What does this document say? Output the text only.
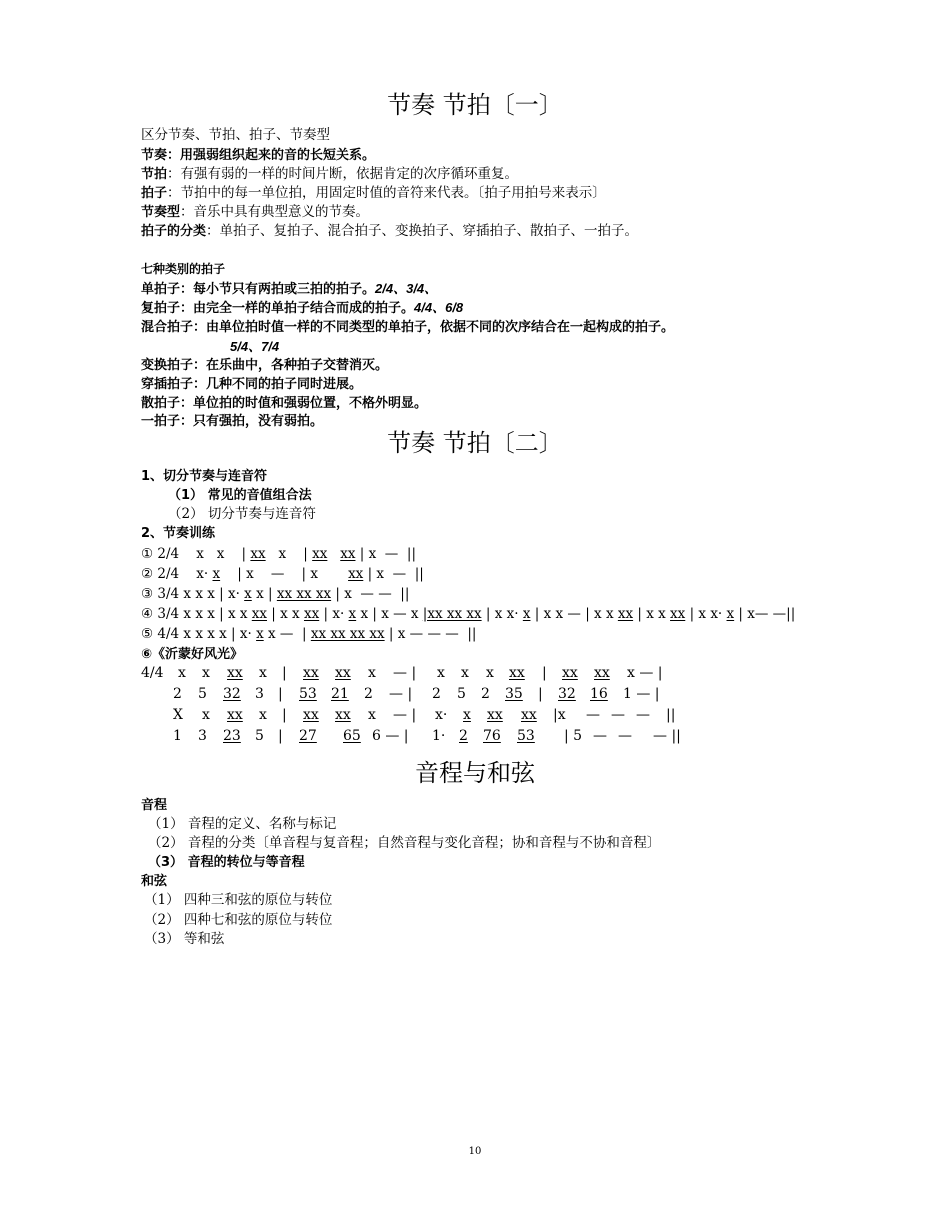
节奏 节拍〔一〕
区分节奏、节拍、拍子、节奏型
节奏：用强弱组织起来的音的长短关系。
节拍：有强有弱的一样的时间片断，依据肯定的次序循环重复。
拍子：节拍中的每一单位拍，用固定时值的音符来代表。〔拍子用拍号来表示〕
节奏型：音乐中具有典型意义的节奏。
拍子的分类：单拍子、复拍子、混合拍子、变换拍子、穿插拍子、散拍子、一拍子。
七种类别的拍子
单拍子：每小节只有两拍或三拍的拍子。2/4、3/4、
复拍子：由完全一样的单拍子结合而成的拍子。4/4、6/8
混合拍子：由单位拍时值一样的不同类型的单拍子，依据不同的次序结合在一起构成的拍子。
5/4、7/4
变换拍子：在乐曲中，各种拍子交替消灭。
穿插拍子：几种不同的拍子同时进展。
散拍子：单位拍的时值和强弱位置，不格外明显。
一拍子：只有强拍，没有弱拍。
节奏 节拍〔二〕
1、切分节奏与连音符
（1） 常见的音值组合法
（2） 切分节奏与连音符
2、节奏训练
① 2/4    x   x    | xx   x    | xx xx | x  —  ||
② 2/4    x· x    | x    —    | x       xx | x  —  ||
③ 3/4 x x x | x· x x | xx xx xx | x  — —  ||
④ 3/4 x x x | x x xx | x x xx | x· x x | x — x |xx xx xx | x x· x | x x — | x x xx | x x xx | x x· x | x— —||
⑤ 4/4 x x x x | x· x x —  | xx xx xx xx | x — — —  ||
⑥《沂蒙好风光》
4/4 x x xx x | xx xx x — | x x x xx | xx xx x — |
2 5 32 3 | 53 21 2 — | 2 5 2 35 | 32 16 1 — |
X x xx x | xx xx x — | x· x xx xx |x — — — ||
1 3 23 5 | 27 65 6 — | 1· 2 76 53 | 5 — — — ||
音程与和弦
音程
（1） 音程的定义、名称与标记
（2） 音程的分类〔单音程与复音程；自然音程与变化音程；协和音程与不协和音程〕
（3） 音程的转位与等音程
和弦
（1） 四种三和弦的原位与转位
（2） 四种七和弦的原位与转位
（3） 等和弦
10
